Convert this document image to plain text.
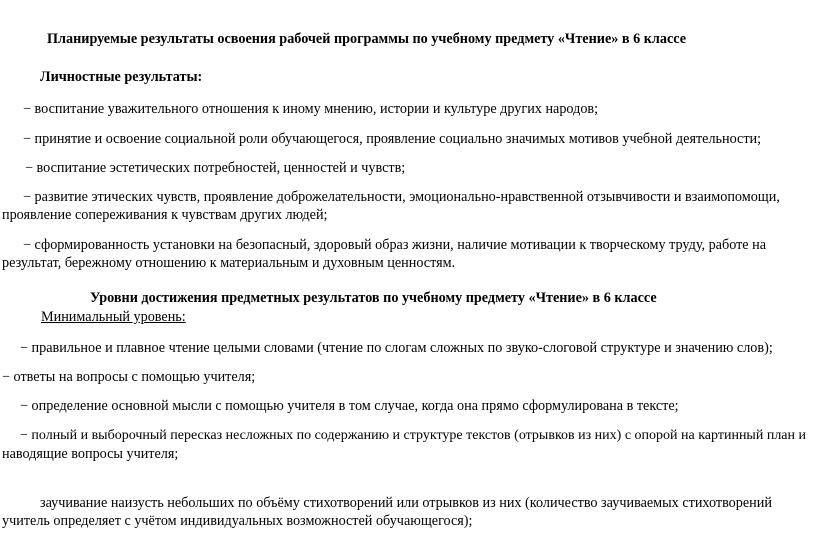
Планируемые результаты освоения рабочей программы по учебному предмету «Чтение» в 6 классе
Личностные результаты:
− воспитание уважительного отношения к иному мнению, истории и культуре других народов;
− принятие и освоение социальной роли обучающегося, проявление социально значимых мотивов учебной деятельности;
− воспитание эстетических потребностей, ценностей и чувств;
− развитие этических чувств, проявление доброжелательности, эмоционально-нравственной отзывчивости и взаимопомощи,
проявление сопереживания к чувствам других людей;
− сформированность установки на безопасный, здоровый образ жизни, наличие мотивации к творческому труду, работе на
результат, бережному отношению к материальным и духовным ценностям.
Уровни достижения предметных результатов по учебному предмету «Чтение» в 6 классе
Минимальный уровень:
− правильное и плавное чтение целыми словами (чтение по слогам сложных по звуко-слоговой структуре и значению слов);
− ответы на вопросы с помощью учителя;
− определение основной мысли с помощью учителя в том случае, когда она прямо сформулирована в тексте;
− полный и выборочный пересказ несложных по содержанию и структуре текстов (отрывков из них) с опорой на картинный план и
наводящие вопросы учителя;
заучивание наизусть небольших по объёму стихотворений или отрывков из них (количество заучиваемых стихотворений
учитель определяет с учётом индивидуальных возможностей обучающегося);
